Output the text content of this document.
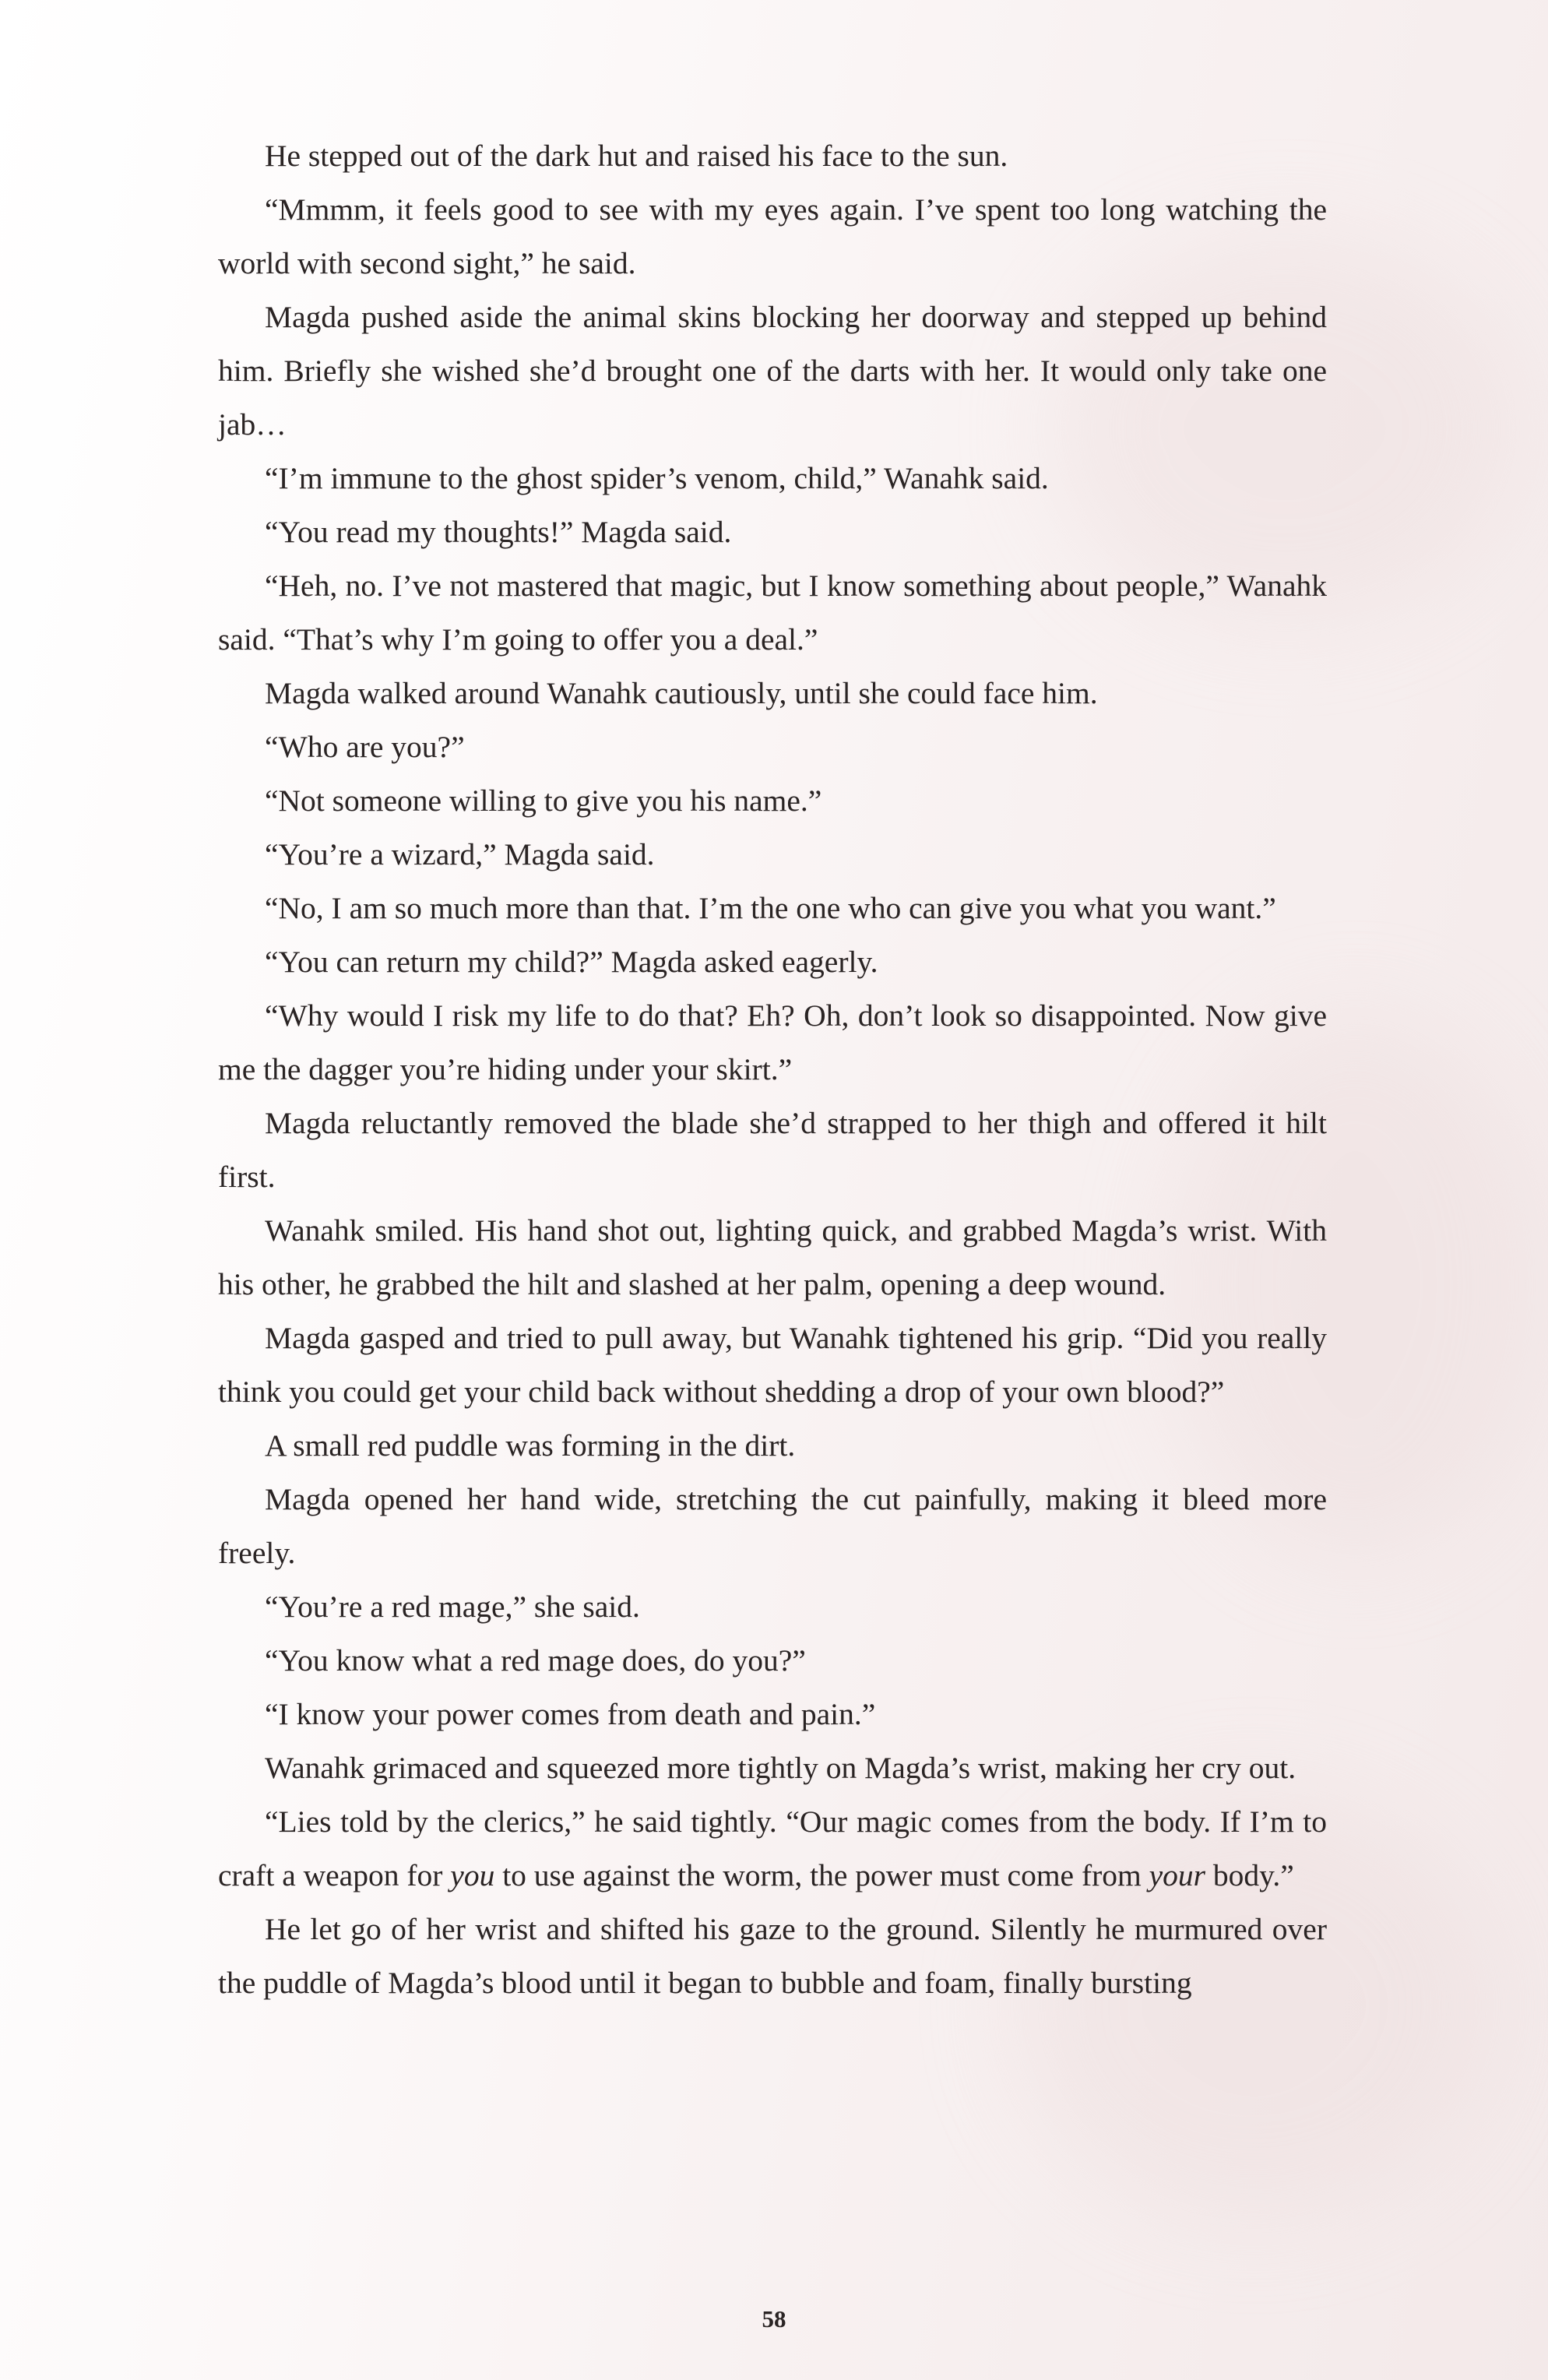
He stepped out of the dark hut and raised his face to the sun.

“Mmmm, it feels good to see with my eyes again. I’ve spent too long watching the world with second sight,” he said.

Magda pushed aside the animal skins blocking her doorway and stepped up behind him. Briefly she wished she’d brought one of the darts with her. It would only take one jab…

“I’m immune to the ghost spider’s venom, child,” Wanahk said.

“You read my thoughts!” Magda said.

“Heh, no. I’ve not mastered that magic, but I know something about people,” Wanahk said. “That’s why I’m going to offer you a deal.”

Magda walked around Wanahk cautiously, until she could face him.

“Who are you?”

“Not someone willing to give you his name.”

“You’re a wizard,” Magda said.

“No, I am so much more than that. I’m the one who can give you what you want.”

“You can return my child?” Magda asked eagerly.

“Why would I risk my life to do that? Eh? Oh, don’t look so disappointed. Now give me the dagger you’re hiding under your skirt.”

Magda reluctantly removed the blade she’d strapped to her thigh and offered it hilt first.

Wanahk smiled. His hand shot out, lighting quick, and grabbed Magda’s wrist. With his other, he grabbed the hilt and slashed at her palm, opening a deep wound.

Magda gasped and tried to pull away, but Wanahk tightened his grip. “Did you really think you could get your child back without shedding a drop of your own blood?”

A small red puddle was forming in the dirt.

Magda opened her hand wide, stretching the cut painfully, making it bleed more freely.

“You’re a red mage,” she said.

“You know what a red mage does, do you?”

“I know your power comes from death and pain.”

Wanahk grimaced and squeezed more tightly on Magda’s wrist, making her cry out.

“Lies told by the clerics,” he said tightly. “Our magic comes from the body. If I’m to craft a weapon for you to use against the worm, the power must come from your body.”

He let go of her wrist and shifted his gaze to the ground. Silently he murmured over the puddle of Magda’s blood until it began to bubble and foam, finally bursting

58
